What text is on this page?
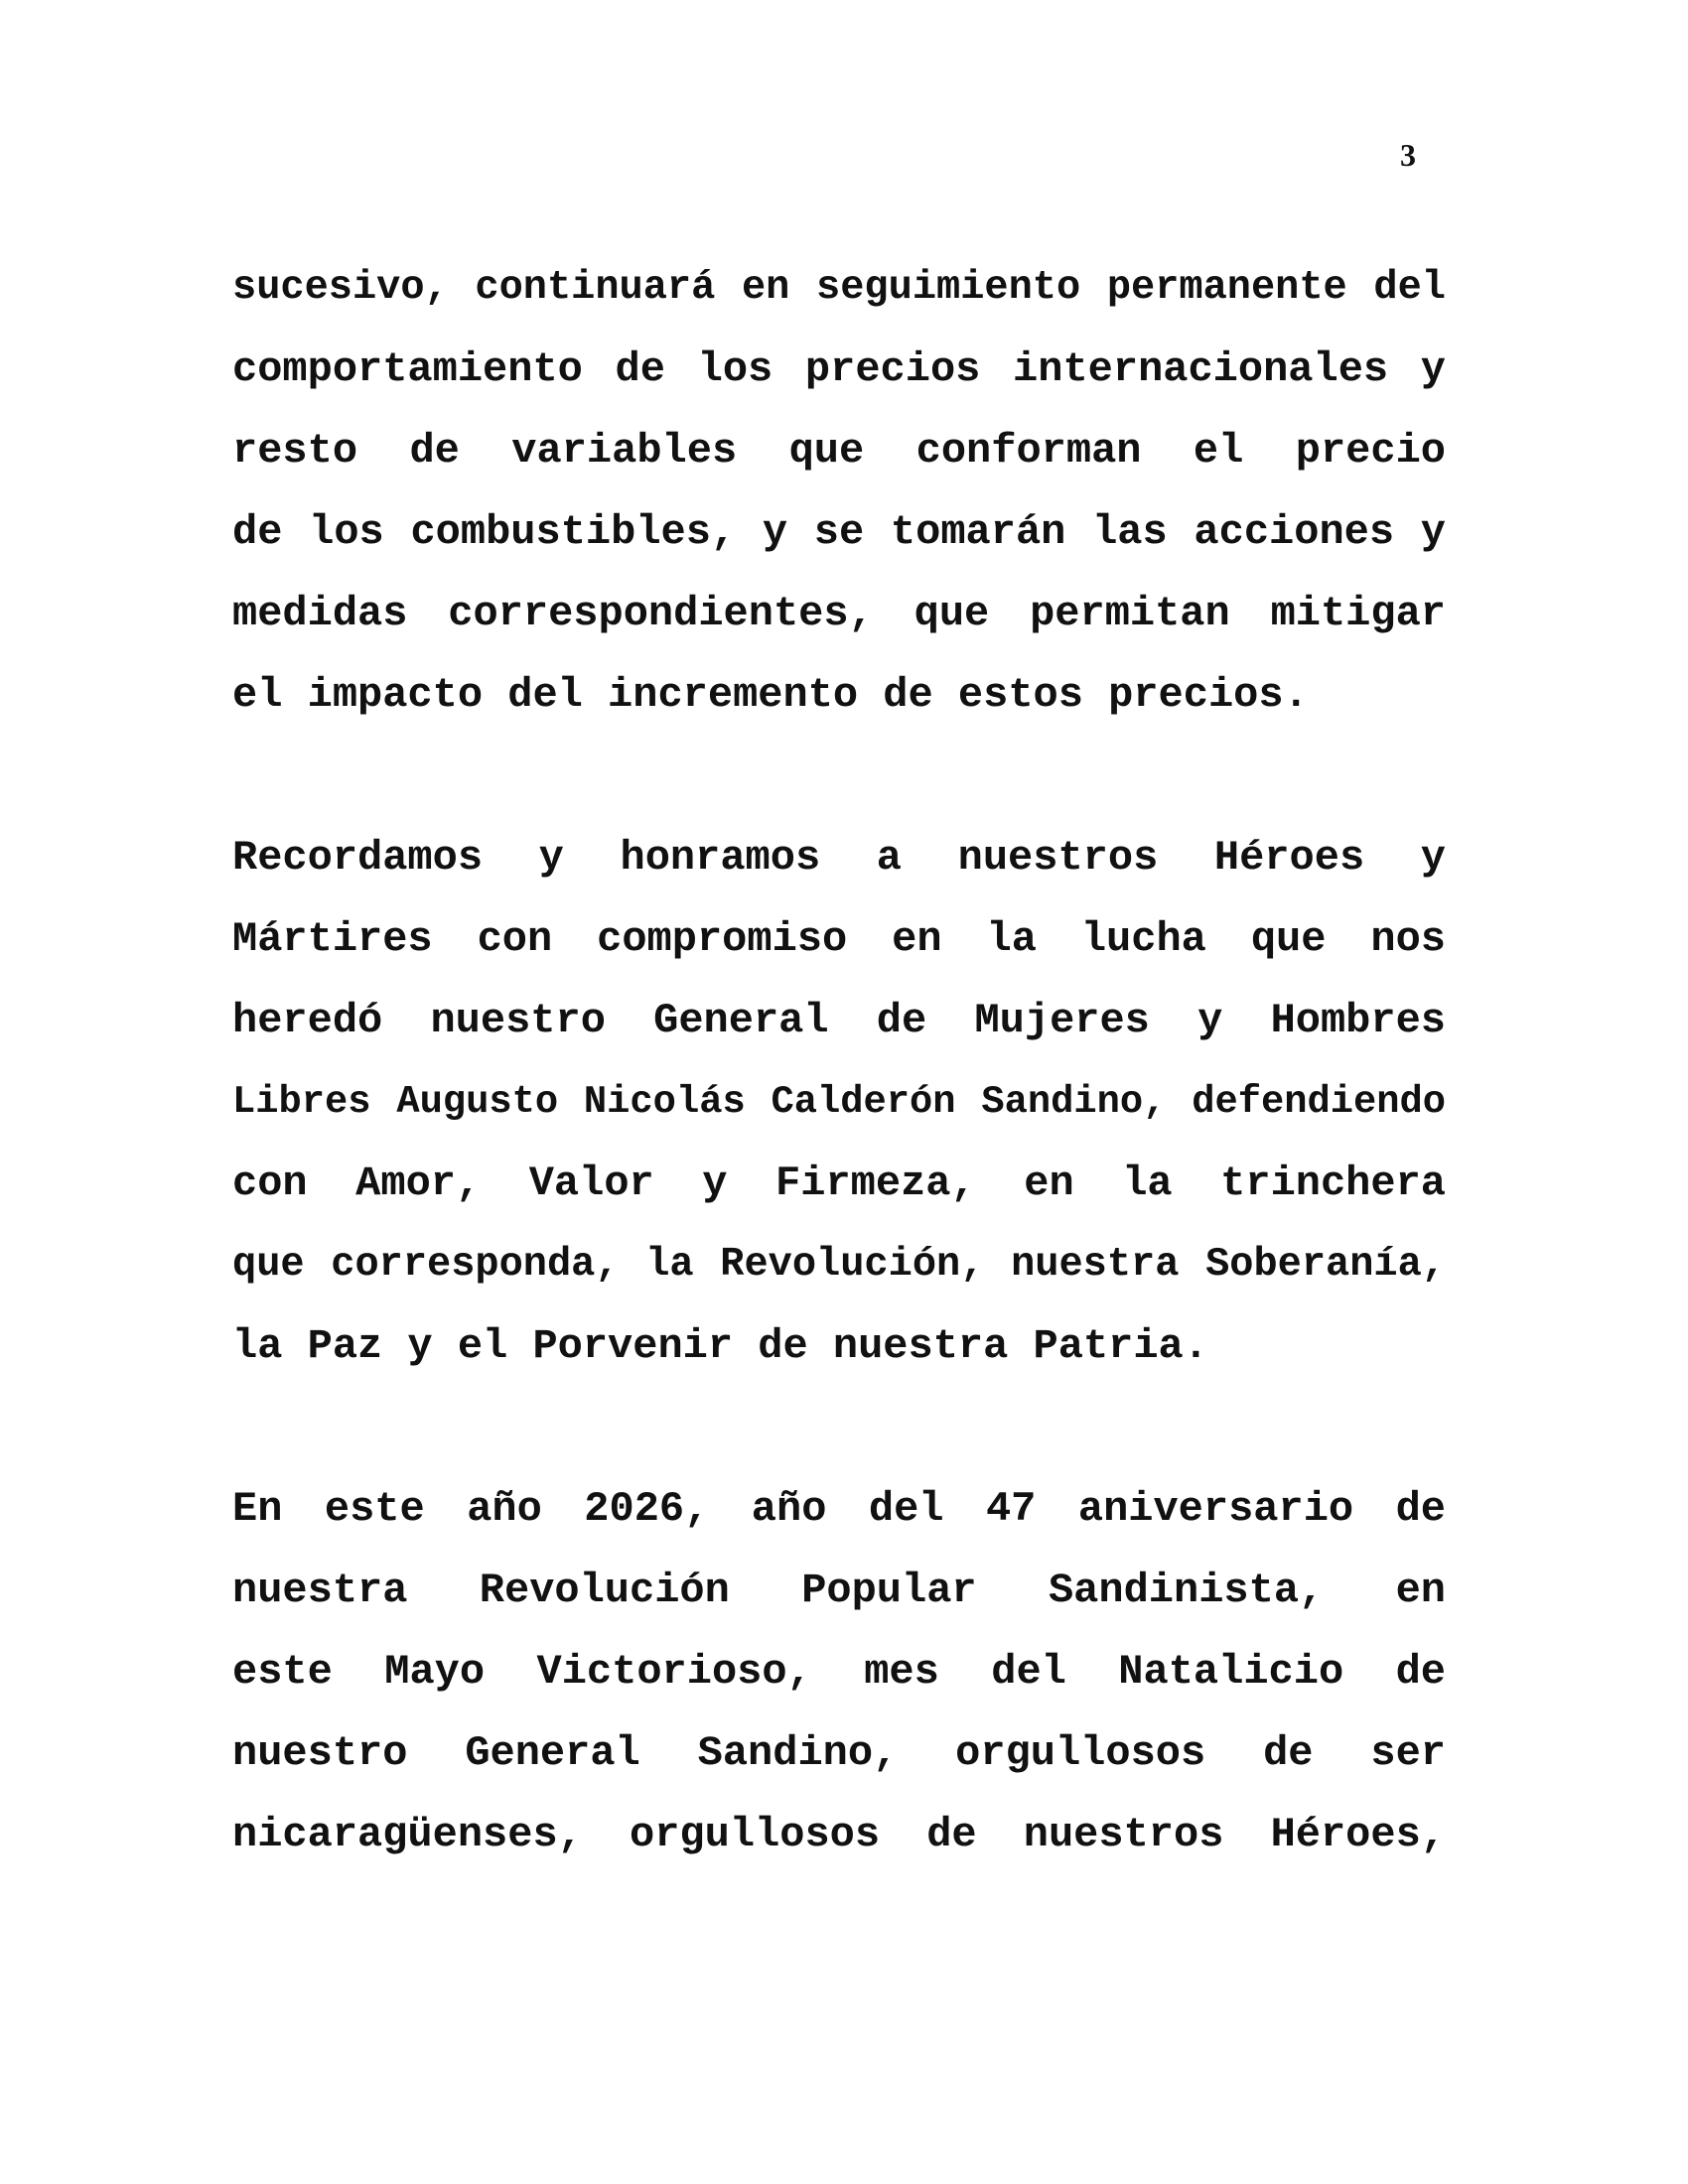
3
sucesivo, continuará en seguimiento permanente del
comportamiento de los precios internacionales y
resto de variables que conforman el precio
de los combustibles, y se tomarán las acciones y
medidas correspondientes, que permitan mitigar
el impacto del incremento de estos precios.
Recordamos y honramos a nuestros Héroes y
Mártires con compromiso en la lucha que nos
heredó nuestro General de Mujeres y Hombres
Libres Augusto Nicolás Calderón Sandino, defendiendo
con Amor, Valor y Firmeza, en la trinchera
que corresponda, la Revolución, nuestra Soberanía,
la Paz y el Porvenir de nuestra Patria.
En este año 2026, año del 47 aniversario de
nuestra Revolución Popular Sandinista, en
este Mayo Victorioso, mes del Natalicio de
nuestro General Sandino, orgullosos de ser
nicaragüenses, orgullosos de nuestros Héroes,
